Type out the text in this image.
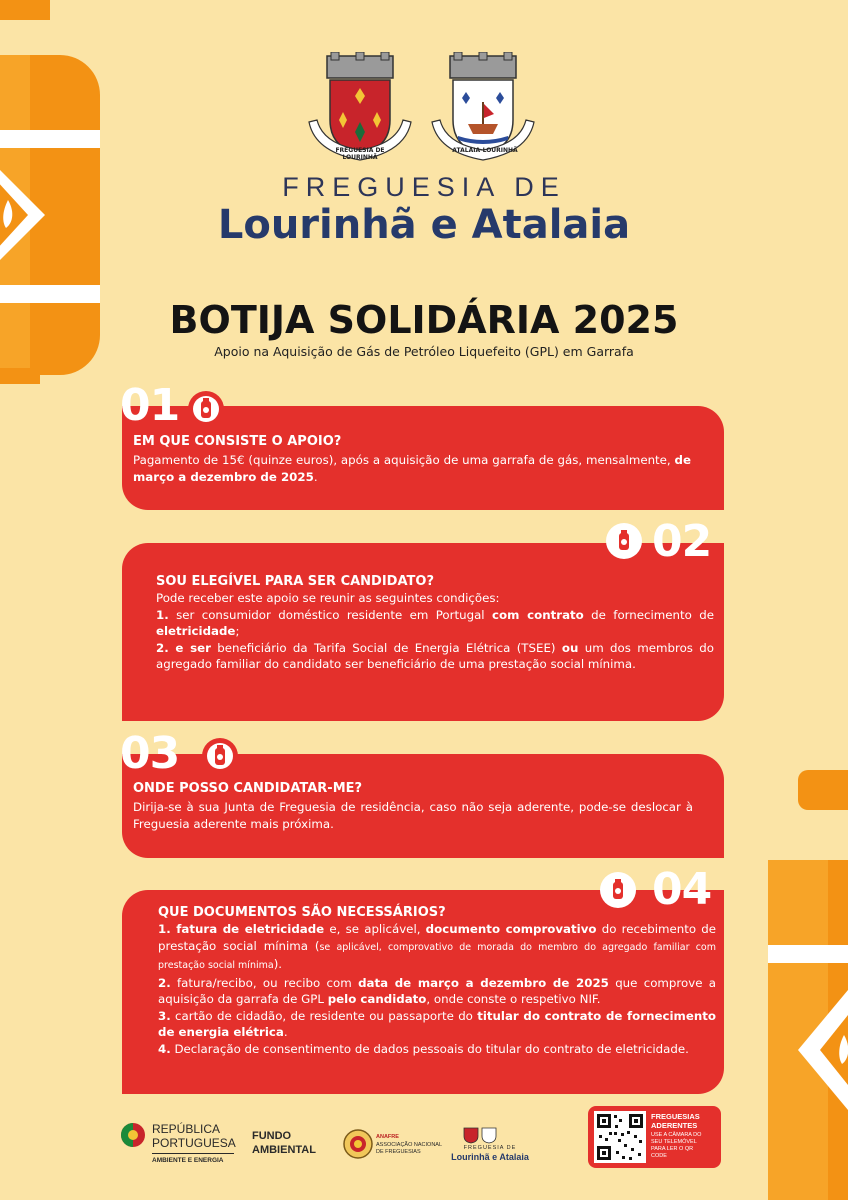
FREGUESIA DE LOURINHÃ
ATALAIA-LOURINHÃ
FREGUESIA DE
Lourinhã e Atalaia
BOTIJA SOLIDÁRIA 2025
Apoio na Aquisição de Gás de Petróleo Liquefeito (GPL) em Garrafa
01
EM QUE CONSISTE O APOIO?
Pagamento de 15€ (quinze euros), após a aquisição de uma garrafa de gás, mensalmente, de março a dezembro de 2025.
02
SOU ELEGÍVEL PARA SER CANDIDATO?
Pode receber este apoio se reunir as seguintes condições:
1. ser consumidor doméstico residente em Portugal com contrato de fornecimento de eletricidade;
2. e ser beneficiário da Tarifa Social de Energia Elétrica (TSEE) ou um dos membros do agregado familiar do candidato ser beneficiário de uma prestação social mínima.
03
ONDE POSSO CANDIDATAR-ME?
Dirija-se à sua Junta de Freguesia de residência, caso não seja aderente, pode-se deslocar à Freguesia aderente mais próxima.
04
QUE DOCUMENTOS SÃO NECESSÁRIOS?
1. fatura de eletricidade e, se aplicável, documento comprovativo do recebimento de prestação social mínima (se aplicável, comprovativo de morada do membro do agregado familiar com prestação social mínima).
2. fatura/recibo, ou recibo com data de março a dezembro de 2025 que comprove a aquisição da garrafa de GPL pelo candidato, onde conste o respetivo NIF.
3. cartão de cidadão, de residente ou passaporte do titular do contrato de fornecimento de energia elétrica.
4. Declaração de consentimento de dados pessoais do titular do contrato de eletricidade.
REPÚBLICA
PORTUGUESA
AMBIENTE E ENERGIA
FUNDO
AMBIENTAL
ANAFRE
ASSOCIAÇÃO NACIONAL
DE FREGUESIAS
FREGUESIA DE
Lourinhã e Atalaia
FREGUESIAS
ADERENTES
USE A CÂMARA DO
SEU TELEMÓVEL
PARA LER O QR
CODE
